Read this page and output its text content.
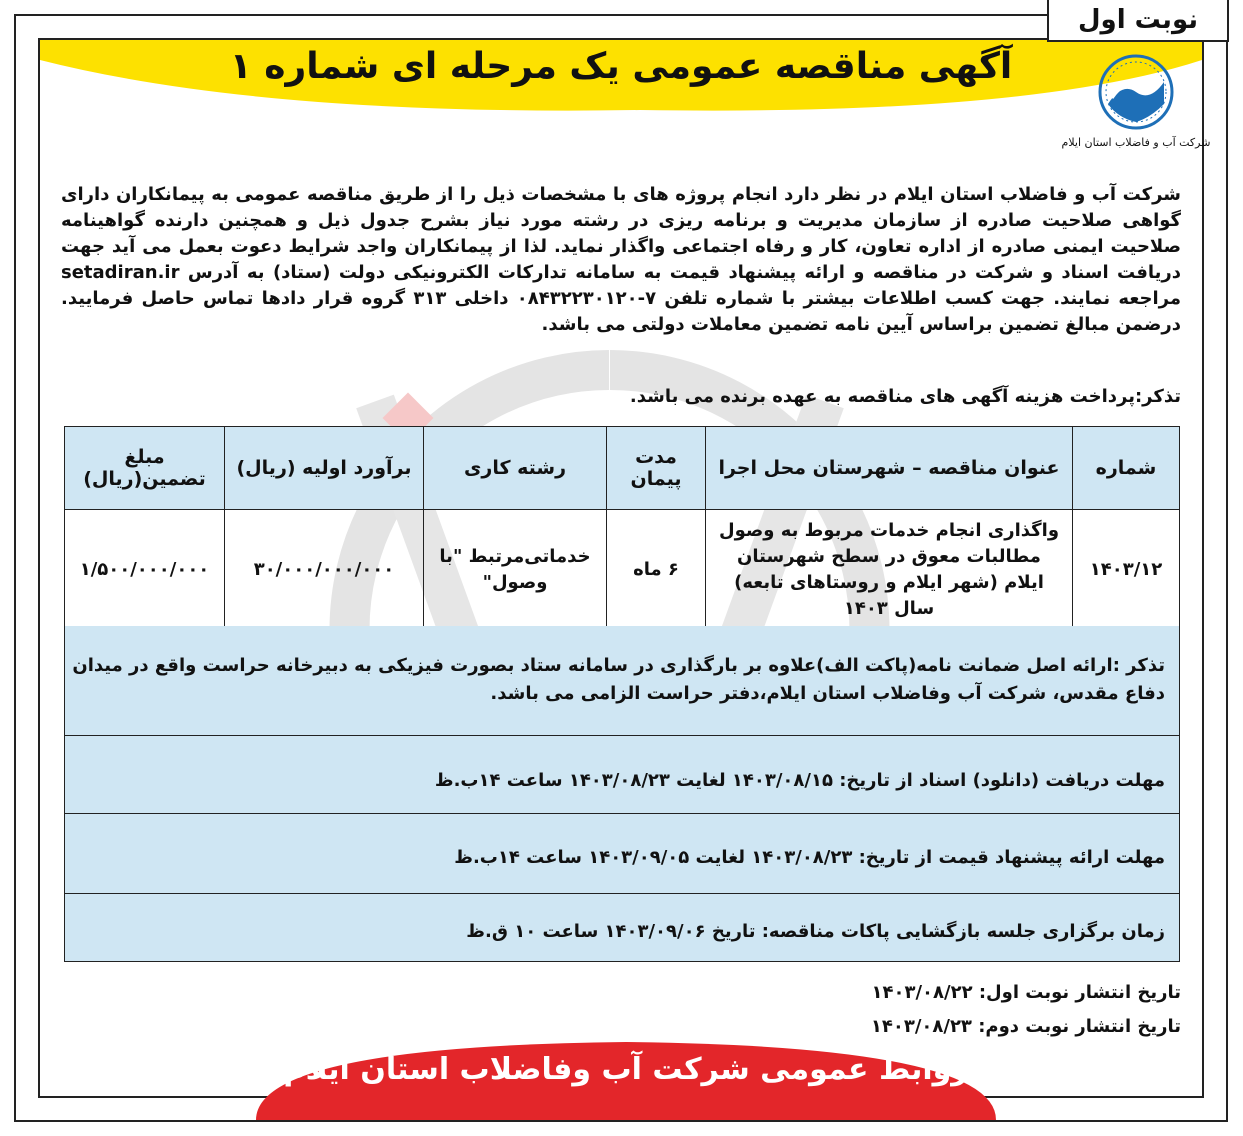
نوبت اول
آگهی مناقصه عمومی یک مرحله ای شماره ۱
شرکت آب و فاضلاب استان ایلام
شرکت آب و فاضلاب استان ایلام در نظر دارد انجام پروژه های با مشخصات ذیل را از طریق مناقصه عمومی به پیمانکاران دارای گواهی صلاحیت صادره از سازمان مدیریت و برنامه ریزی در رشته مورد نیاز بشرح جدول ذیل و همچنین دارنده گواهینامه صلاحیت ایمنی صادره از اداره تعاون، کار و رفاه اجتماعی واگذار نماید. لذا از پیمانکاران واجد شرایط دعوت بعمل می آید جهت دریافت اسناد و شرکت در مناقصه و ارائه پیشنهاد قیمت به سامانه تدارکات الکترونیکی دولت (ستاد) به آدرس setadiran.ir مراجعه نمایند. جهت کسب اطلاعات بیشتر با شماره تلفن ۷-۰۸۴۳۲۲۳۰۱۲۰ داخلی ۳۱۳ گروه قرار دادها تماس حاصل فرمایید. درضمن مبالغ تضمین براساس آیین نامه تضمین معاملات دولتی می باشد.
تذکر:پرداخت هزینه آگهی های مناقصه به عهده برنده می باشد.
شماره	عنوان مناقصه – شهرستان محل اجرا	مدت پیمان	رشته کاری	برآورد اولیه (ریال)	مبلغ تضمین(ریال)
۱۴۰۳/۱۲	واگذاری انجام خدمات مربوط به وصول مطالبات معوق در سطح شهرستان ایلام (شهر ایلام و روستاهای تابعه) سال ۱۴۰۳	۶ ماه	خدماتی‌مرتبط "با وصول"	۳۰/۰۰۰/۰۰۰/۰۰۰	۱/۵۰۰/۰۰۰/۰۰۰
تذکر :ارائه اصل ضمانت نامه(پاکت الف)علاوه بر بارگذاری در سامانه ستاد بصورت فیزیکی به دبیرخانه حراست واقع در میدان دفاع مقدس، شرکت آب وفاضلاب استان ایلام،دفتر حراست الزامی می باشد.
مهلت دریافت (دانلود) اسناد از تاریخ: ۱۴۰۳/۰۸/۱۵ لغایت ۱۴۰۳/۰۸/۲۳ ساعت ۱۴ب.ظ
مهلت ارائه پیشنهاد قیمت از تاریخ: ۱۴۰۳/۰۸/۲۳ لغایت ۱۴۰۳/۰۹/۰۵ ساعت ۱۴ب.ظ
زمان برگزاری جلسه بازگشایی پاکات مناقصه: تاریخ ۱۴۰۳/۰۹/۰۶ ساعت ۱۰ ق.ظ
تاریخ انتشار نوبت اول: ۱۴۰۳/۰۸/۲۲
تاریخ انتشار نوبت دوم: ۱۴۰۳/۰۸/۲۳
روابط عمومی شرکت آب وفاضلاب استان ایلام
